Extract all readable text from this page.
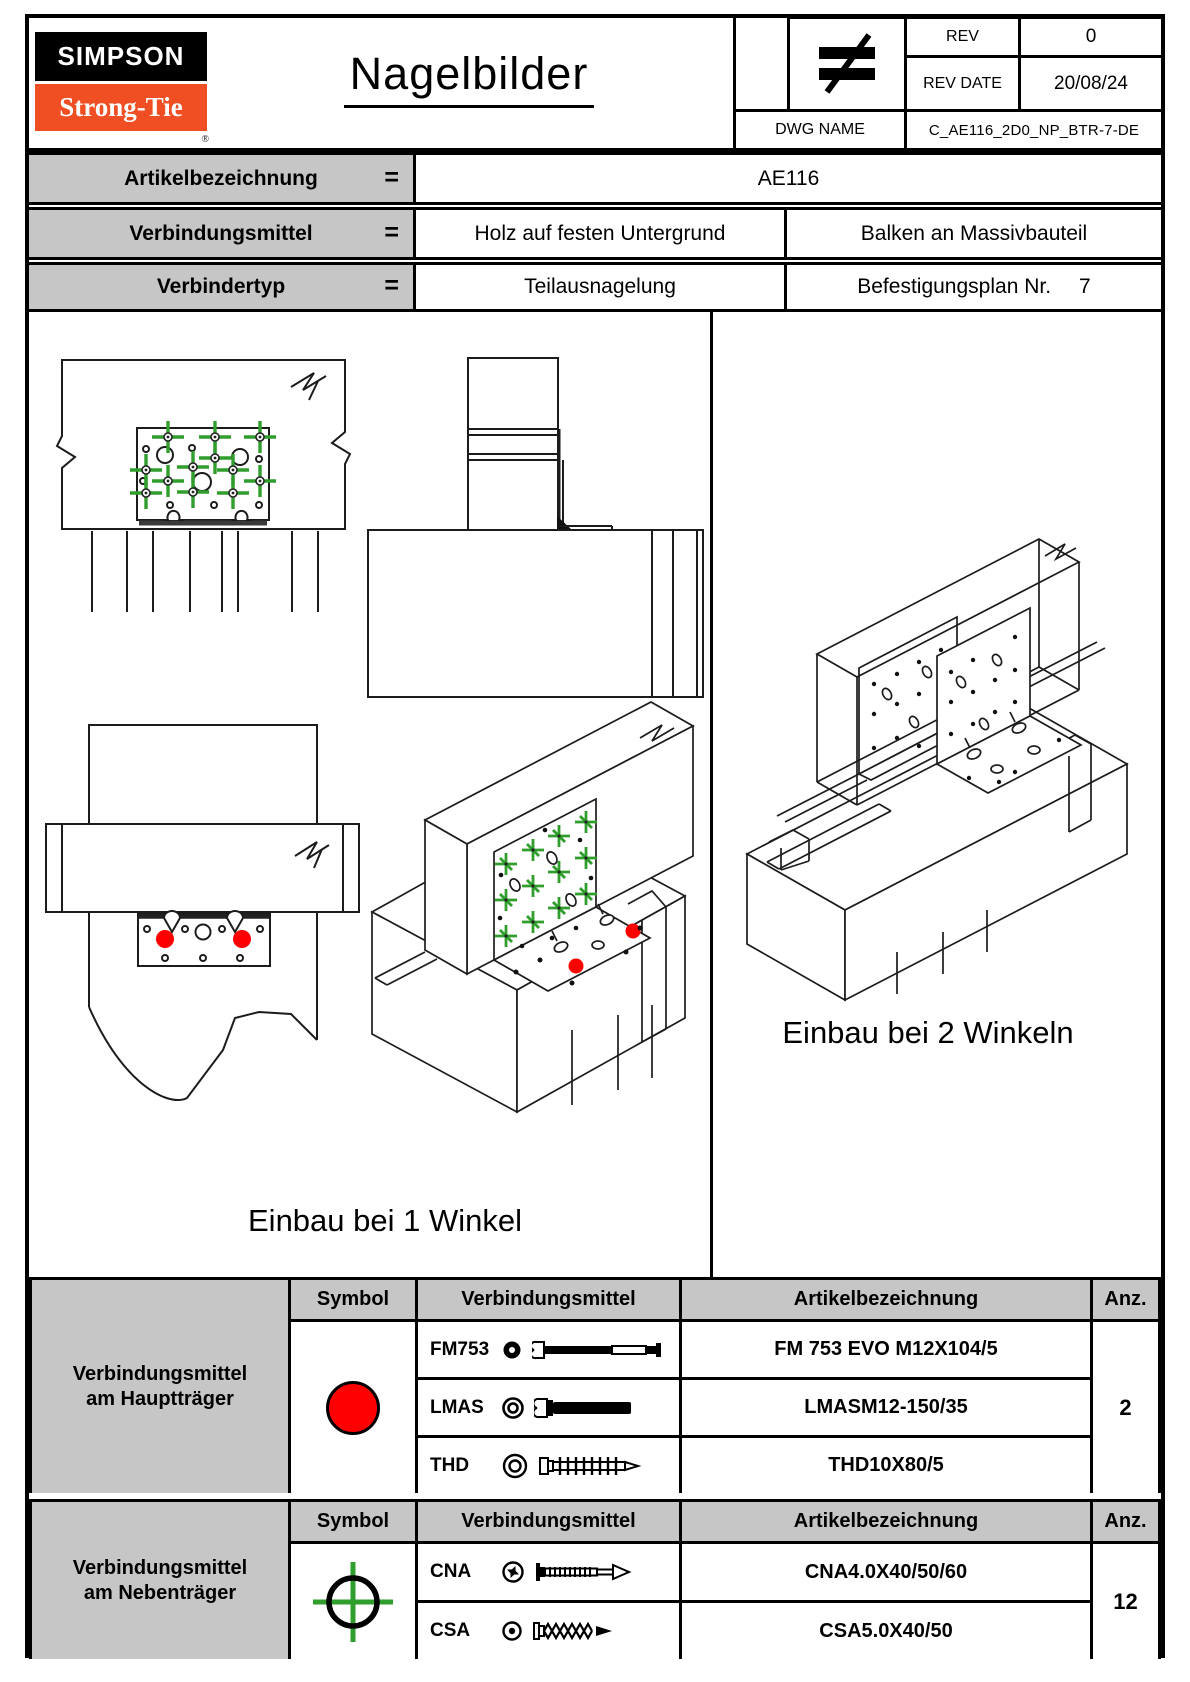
SIMPSON
Strong-Tie
®
Nagelbilder
REV	0
REV DATE	20/08/24
DWG NAME	C_AE116_2D0_NP_BTR-7-DE
Artikelbezeichnung	=	AE116
Verbindungsmittel	=	Holz auf festen Untergrund	Balken an Massivbauteil
Verbindertyp	=	Teilausnagelung	Befestigungsplan Nr. 7
Einbau bei 1 Winkel
Einbau bei 2 Winkeln
Verbindungsmittel
am Hauptträger
Symbol	Verbindungsmittel	Artikelbezeichnung	Anz.
FM753	FM 753 EVO M12X104/5
2
LMAS	LMASM12-150/35
THD	THD10X80/5
Verbindungsmittel
am Nebenträger
Symbol	Verbindungsmittel	Artikelbezeichnung	Anz.
CNA	CNA4.0X40/50/60
12
CSA	CSA5.0X40/50
